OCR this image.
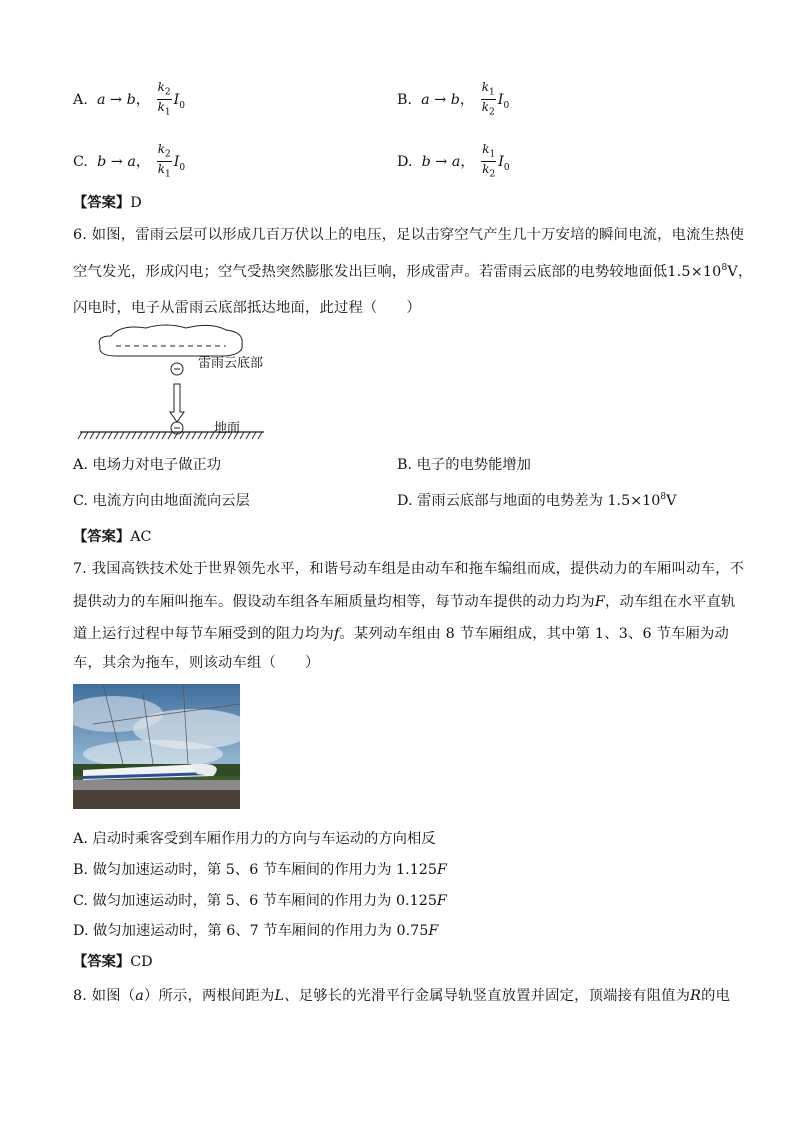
A. a → b， $\frac{k_2}{k_1} I_0$	B. a → b， $\frac{k_1}{k_2} I_0$
C. b → a， $\frac{k_2}{k_1} I_0$	D. b → a， $\frac{k_1}{k_2} I_0$
【答案】D
6. 如图，雷雨云层可以形成几百万伏以上的电压，足以击穿空气产生几十万安培的瞬间电流，电流生热使
空气发光，形成闪电；空气受热突然膨胀发出巨响，形成雷声。若雷雨云底部的电势较地面低$1.5\times 10^8V$，
闪电时，电子从雷雨云底部抵达地面，此过程（　　）
雷雨云底部
地面
A. 电场力对电子做正功	B. 电子的电势能增加
C. 电流方向由地面流向云层	D. 雷雨云底部与地面的电势差为 $1.5\times 10^8V$
【答案】AC
7. 我国高铁技术处于世界领先水平，和谐号动车组是由动车和拖车编组而成，提供动力的车厢叫动车，不
提供动力的车厢叫拖车。假设动车组各车厢质量均相等，每节动车提供的动力均为F，动车组在水平直轨
道上运行过程中每节车厢受到的阻力均为f。某列动车组由 8 节车厢组成，其中第 1、3、6 节车厢为动
车，其余为拖车，则该动车组（　　）
A. 启动时乘客受到车厢作用力的方向与车运动的方向相反
B. 做匀加速运动时，第 5、6 节车厢间的作用力为 1.125F
C. 做匀加速运动时，第 5、6 节车厢间的作用力为 0.125F
D. 做匀加速运动时，第 6、7 节车厢间的作用力为 0.75F
【答案】CD
8. 如图（a）所示，两根间距为L、足够长的光滑平行金属导轨竖直放置并固定，顶端接有阻值为R的电
